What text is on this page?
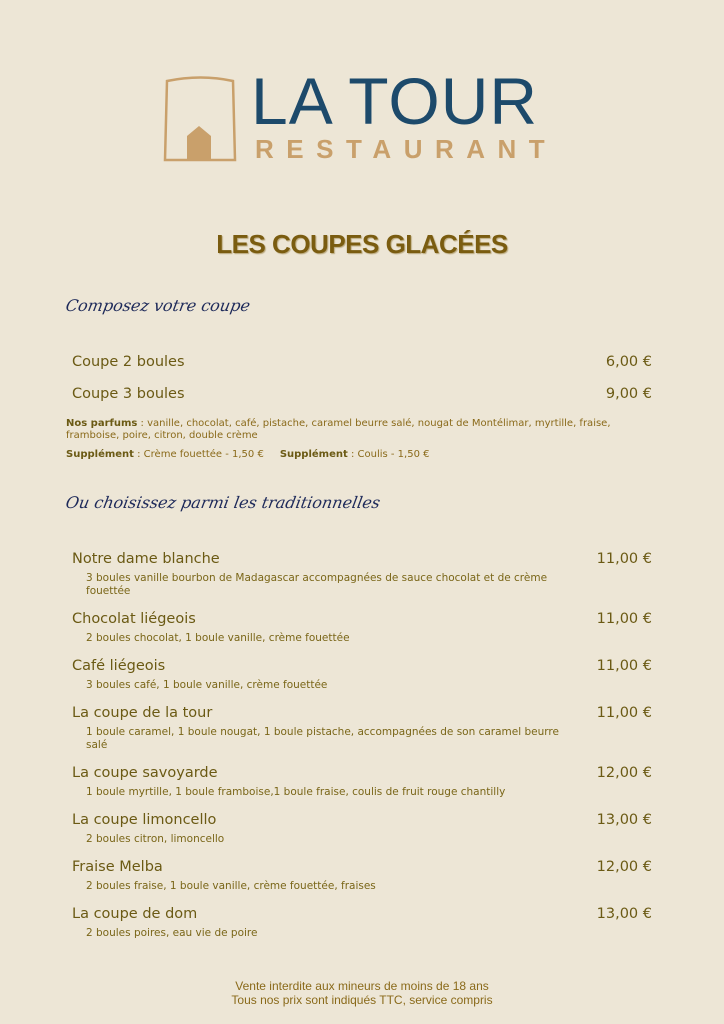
LA TOUR
RESTAURANT
LES COUPES GLACÉES
Composez votre coupe
Coupe 2 boules	6,00 €
Coupe 3 boules	9,00 €
Nos parfums : vanille, chocolat, café, pistache, caramel beurre salé, nougat de Montélimar, myrtille, fraise, framboise, poire, citron, double crème
Supplément : Crème fouettée - 1,50 € Supplément : Coulis - 1,50 €
Ou choisissez parmi les traditionnelles
Notre dame blanche	11,00 €
3 boules vanille bourbon de Madagascar accompagnées de sauce chocolat et de crème fouettée
Chocolat liégeois	11,00 €
2 boules chocolat, 1 boule vanille, crème fouettée
Café liégeois	11,00 €
3 boules café, 1 boule vanille, crème fouettée
La coupe de la tour	11,00 €
1 boule caramel, 1 boule nougat, 1 boule pistache, accompagnées de son caramel beurre salé
La coupe savoyarde	12,00 €
1 boule myrtille, 1 boule framboise,1 boule fraise, coulis de fruit rouge chantilly
La coupe limoncello	13,00 €
2 boules citron, limoncello
Fraise Melba	12,00 €
2 boules fraise, 1 boule vanille, crème fouettée, fraises
La coupe de dom	13,00 €
2 boules poires, eau vie de poire
Vente interdite aux mineurs de moins de 18 ans
Tous nos prix sont indiqués TTC, service compris
